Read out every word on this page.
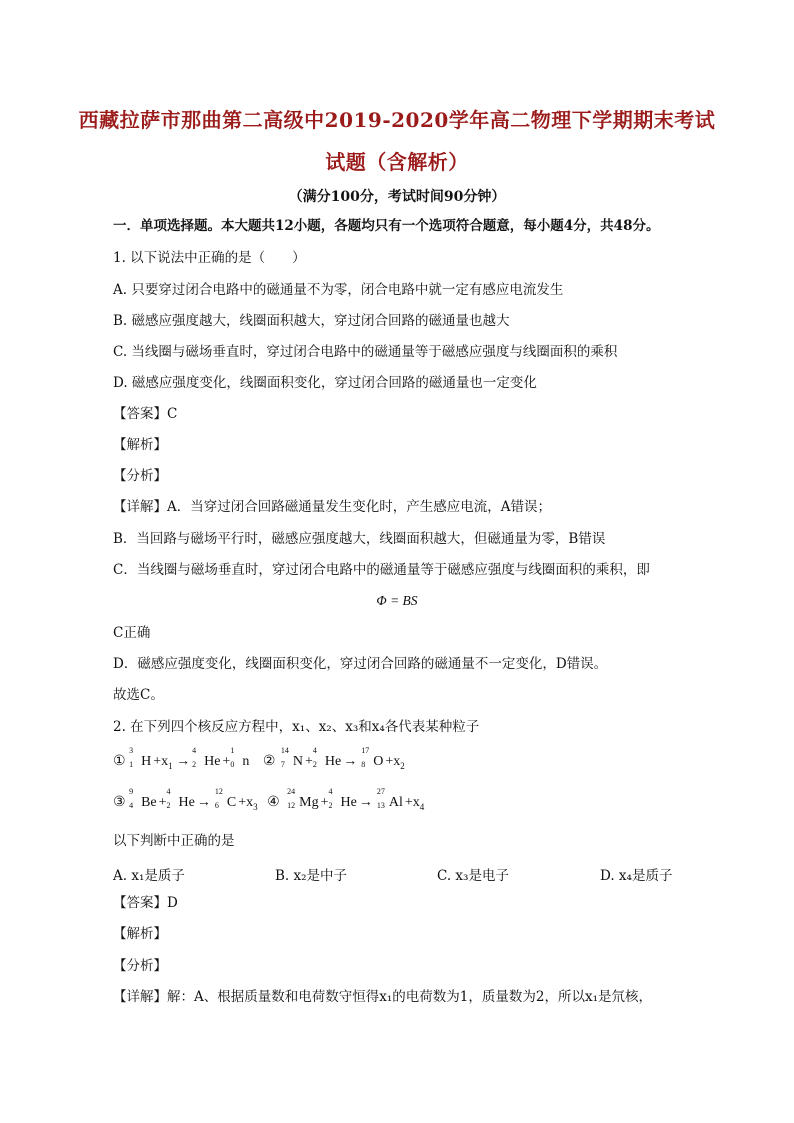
西藏拉萨市那曲第二高级中2019-2020学年高二物理下学期期末考试
试题（含解析）
（满分100分，考试时间90分钟）
一．单项选择题。本大题共12小题，各题均只有一个选项符合题意，每小题4分，共48分。
1. 以下说法中正确的是（　　）
A. 只要穿过闭合电路中的磁通量不为零，闭合电路中就一定有感应电流发生
B. 磁感应强度越大，线圈面积越大，穿过闭合回路的磁通量也越大
C. 当线圈与磁场垂直时，穿过闭合电路中的磁通量等于磁感应强度与线圈面积的乘积
D. 磁感应强度变化，线圈面积变化，穿过闭合回路的磁通量也一定变化
【答案】C
【解析】
【分析】
【详解】A．当穿过闭合回路磁通量发生变化时，产生感应电流，A错误；
B．当回路与磁场平行时，磁感应强度越大，线圈面积越大，但磁通量为零，B错误
C．当线圈与磁场垂直时，穿过闭合电路中的磁通量等于磁感应强度与线圈面积的乘积，即
Φ = BS
C正确
D．磁感应强度变化，线圈面积变化，穿过闭合回路的磁通量不一定变化，D错误。
故选C。
2. 在下列四个核反应方程中，x₁、x₂、x₃和x₄各代表某种粒子
①
3
1 $H +x_1$ →
4
2 He +
1
0 n ②
14
7 N +
4
2 He →
17
8 $O +x_2$
③
9
4 Be +
4
2 He →
12
6 $C +x_3$ ④
24
12 Mg +
4
2 He →
27
13 $Al +x_4$
以下判断中正确的是
A. x₁是质子	B. x₂是中子	C. x₃是电子	D. x₄是质子
【答案】D
【解析】
【分析】
【详解】解：A、根据质量数和电荷数守恒得x₁的电荷数为1，质量数为2，所以x₁是氘核，
